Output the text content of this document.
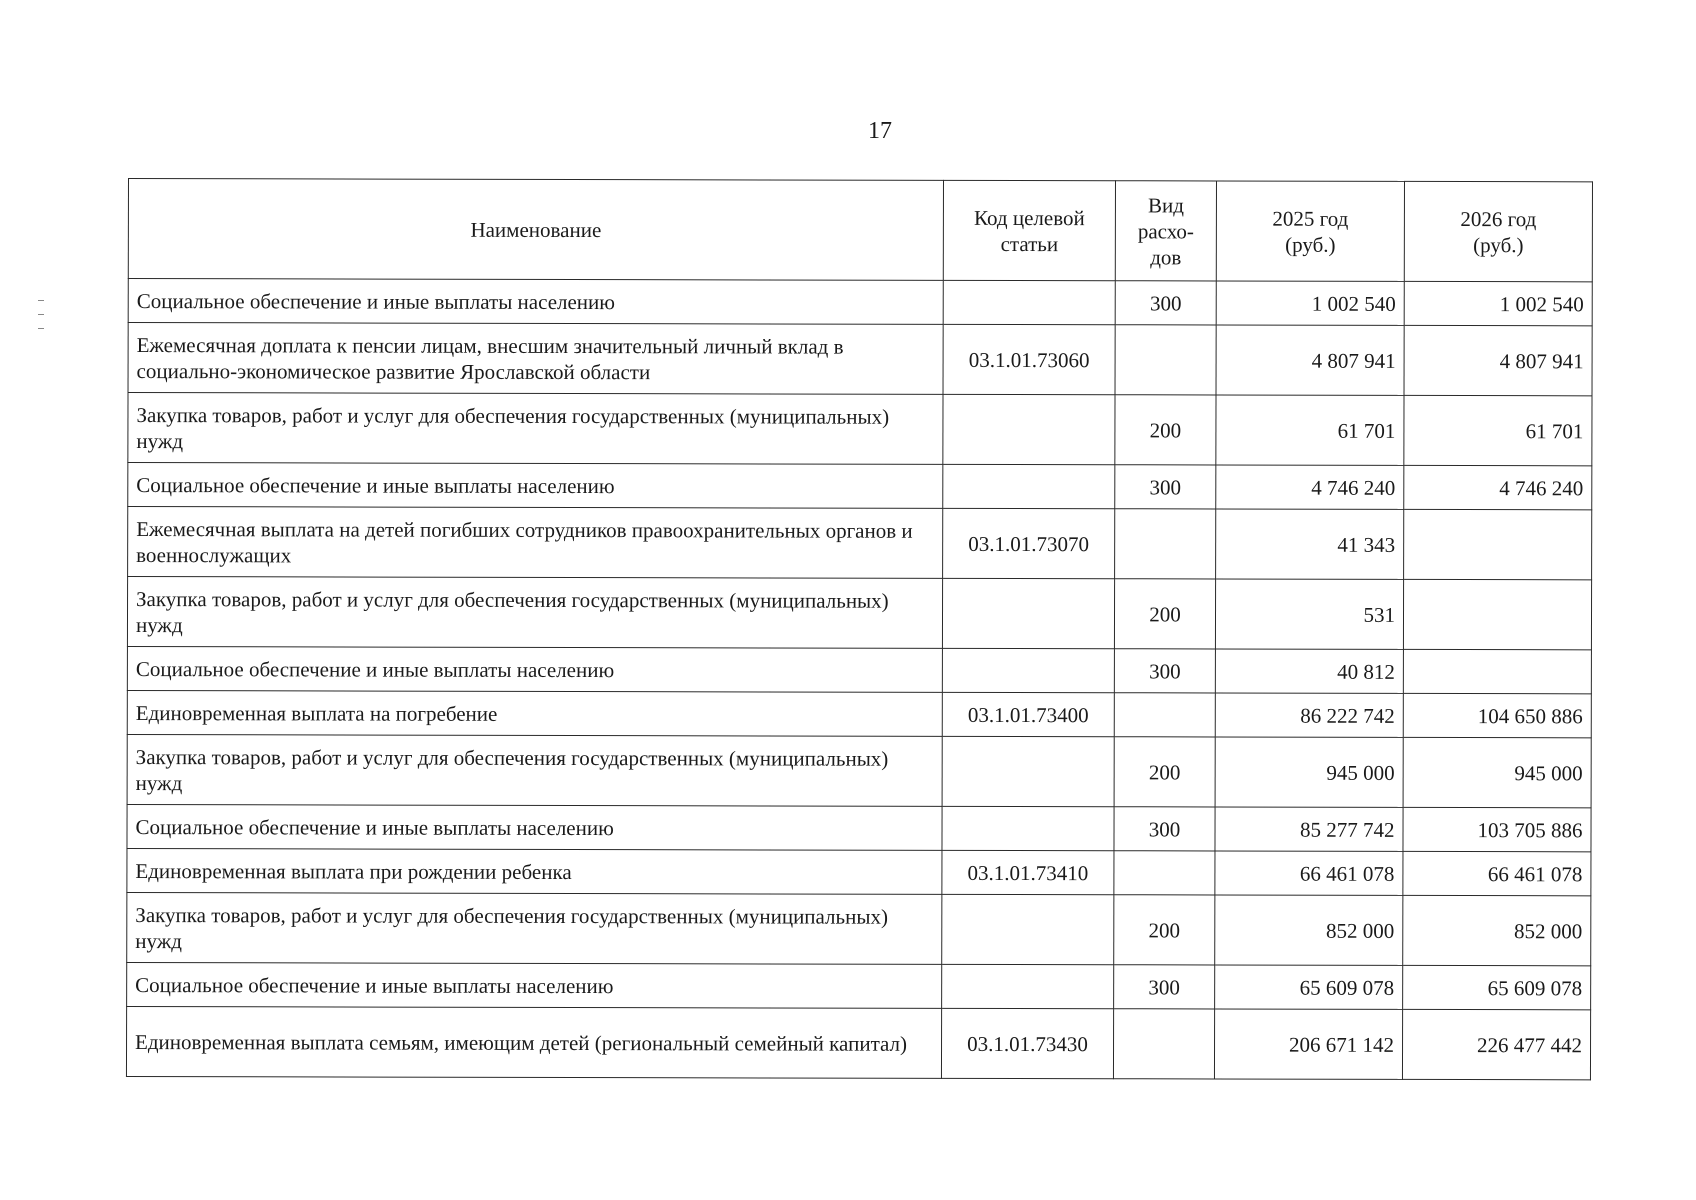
17
Наименование	Код целевой статьи	Вид расхо-дов	2025 год (руб.)	2026 год (руб.)
Социальное обеспечение и иные выплаты населению		300	1 002 540	1 002 540
Ежемесячная доплата к пенсии лицам, внесшим значительный личный вклад в социально-экономическое развитие Ярославской области	03.1.01.73060		4 807 941	4 807 941
Закупка товаров, работ и услуг для обеспечения государственных (муниципальных) нужд		200	61 701	61 701
Социальное обеспечение и иные выплаты населению		300	4 746 240	4 746 240
Ежемесячная выплата на детей погибших сотрудников правоохранительных органов и военнослужащих	03.1.01.73070		41 343	
Закупка товаров, работ и услуг для обеспечения государственных (муниципальных) нужд		200	531	
Социальное обеспечение и иные выплаты населению		300	40 812	
Единовременная выплата на погребение	03.1.01.73400		86 222 742	104 650 886
Закупка товаров, работ и услуг для обеспечения государственных (муниципальных) нужд		200	945 000	945 000
Социальное обеспечение и иные выплаты населению		300	85 277 742	103 705 886
Единовременная выплата при рождении ребенка	03.1.01.73410		66 461 078	66 461 078
Закупка товаров, работ и услуг для обеспечения государственных (муниципальных) нужд		200	852 000	852 000
Социальное обеспечение и иные выплаты населению		300	65 609 078	65 609 078
Единовременная выплата семьям, имеющим детей (региональный семейный капитал)	03.1.01.73430		206 671 142	226 477 442
